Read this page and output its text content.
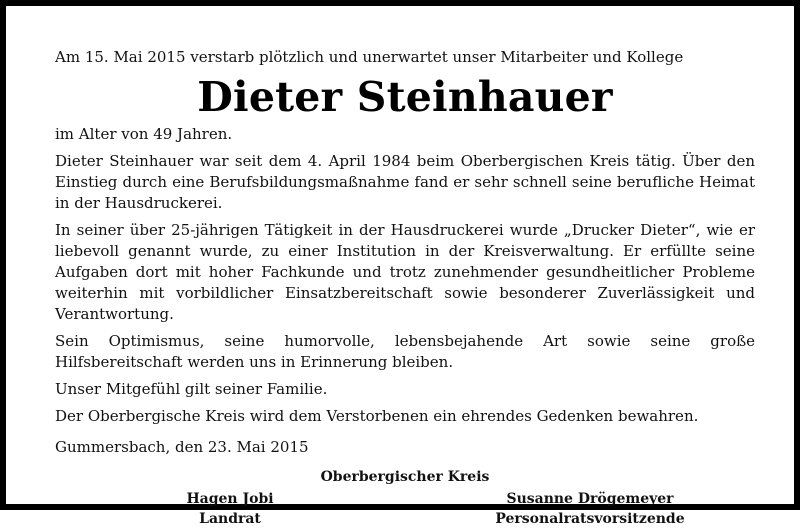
Am 15. Mai 2015 verstarb plötzlich und unerwartet unser Mitarbeiter und Kollege

Dieter Steinhauer

im Alter von 49 Jahren.

Dieter Steinhauer war seit dem 4. April 1984 beim Oberbergischen Kreis tätig. Über den Einstieg durch eine Berufsbildungsmaßnahme fand er sehr schnell seine berufliche Heimat in der Hausdruckerei.

In seiner über 25-jährigen Tätigkeit in der Hausdruckerei wurde „Drucker Dieter“, wie er liebevoll genannt wurde, zu einer Institution in der Kreisverwaltung. Er erfüllte seine Aufgaben dort mit hoher Fachkunde und trotz zunehmender gesundheitlicher Probleme weiterhin mit vorbildlicher Einsatzbereitschaft sowie besonderer Zuverlässigkeit und Verantwortung.

Sein Optimismus, seine humorvolle, lebensbejahende Art sowie seine große Hilfsbereitschaft werden uns in Erinnerung bleiben.

Unser Mitgefühl gilt seiner Familie.

Der Oberbergische Kreis wird dem Verstorbenen ein ehrendes Gedenken bewahren.

Gummersbach, den 23. Mai 2015

Oberbergischer Kreis
Hagen Jobi
Landrat
Susanne Drögemeyer
Personalratsvorsitzende
